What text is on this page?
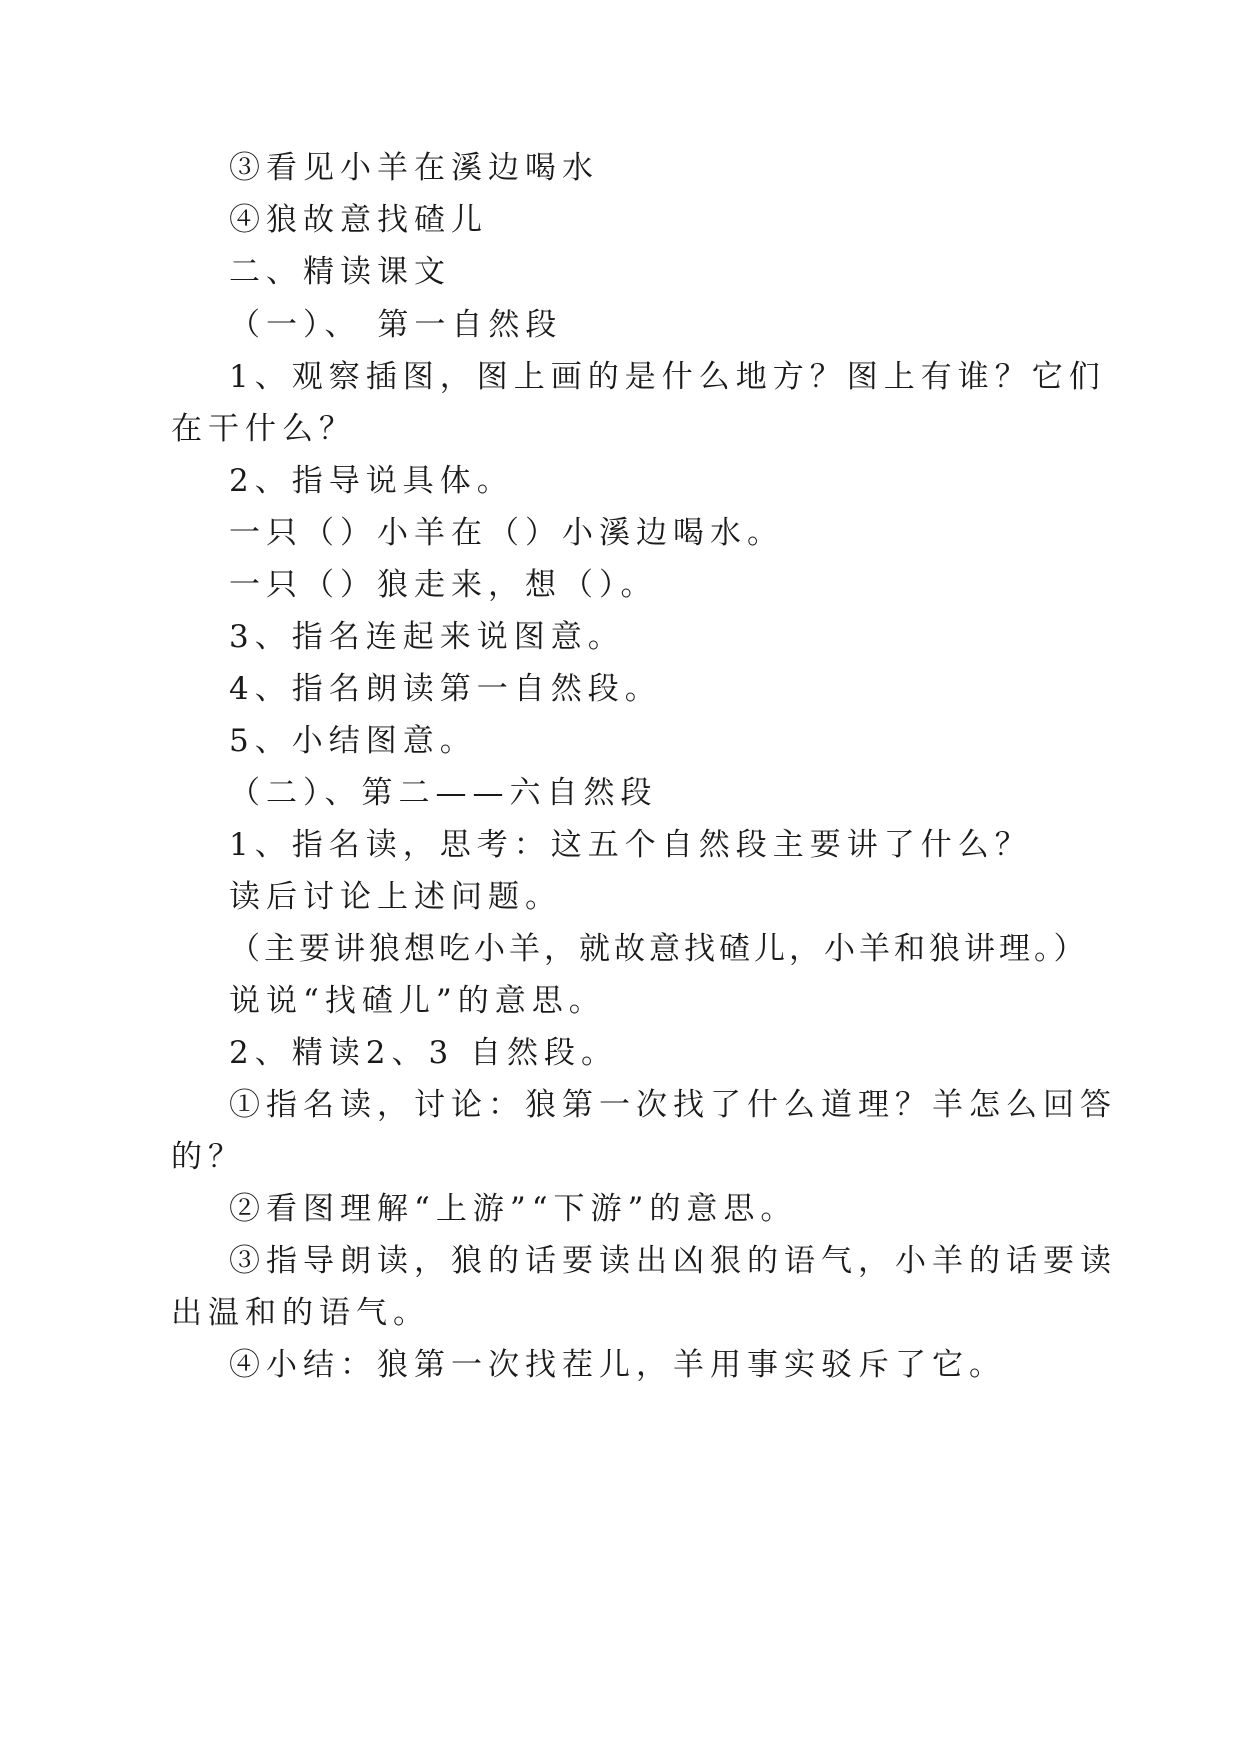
③看见小羊在溪边喝水

④狼故意找碴儿

二、精读课文

（一）、 第一自然段

1、观察插图，图上画的是什么地方？图上有谁？它们

在干什么？

2、指导说具体。

一只（）小羊在（）小溪边喝水。

一只（）狼走来，想（）。

3、指名连起来说图意。

4、指名朗读第一自然段。

5、小结图意。

（二）、第二——六自然段

1、指名读，思考：这五个自然段主要讲了什么？

读后讨论上述问题。

（主要讲狼想吃小羊，就故意找碴儿，小羊和狼讲理。）

说说“找碴儿”的意思。

2、精读2、3 自然段。

①指名读，讨论：狼第一次找了什么道理？羊怎么回答

的？

②看图理解“上游”“下游”的意思。

③指导朗读，狼的话要读出凶狠的语气，小羊的话要读

出温和的语气。

④小结：狼第一次找茬儿，羊用事实驳斥了它。
